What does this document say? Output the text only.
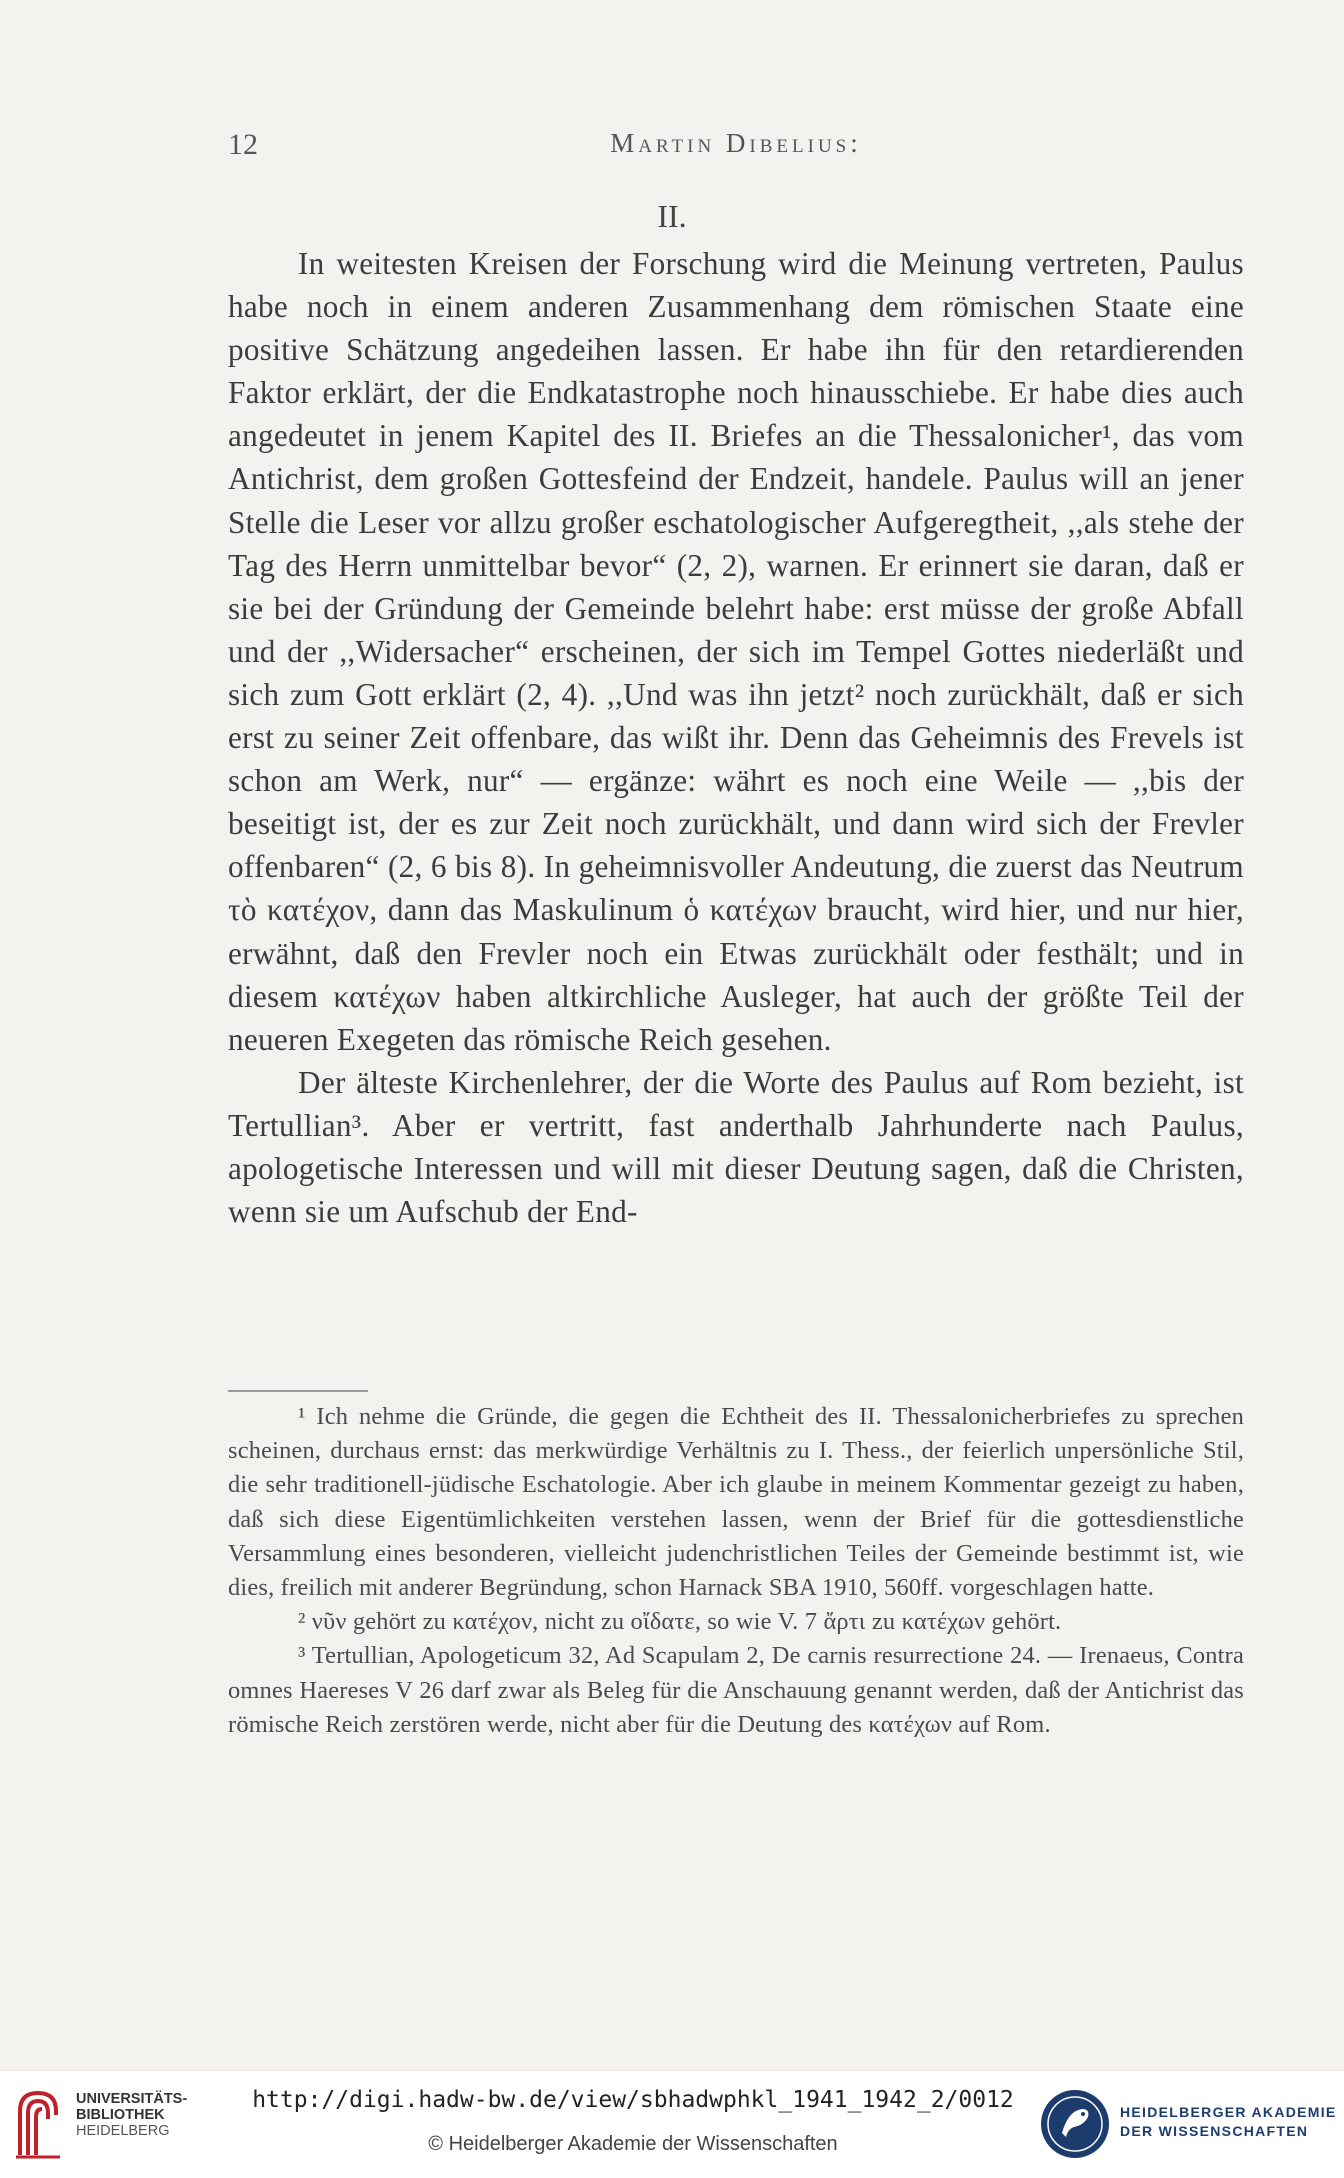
12	Martin Dibelius:
II.

In weitesten Kreisen der Forschung wird die Meinung vertreten, Paulus habe noch in einem anderen Zusammenhang dem römischen Staate eine positive Schätzung angedeihen lassen. Er habe ihn für den retardierenden Faktor erklärt, der die Endkatastrophe noch hinausschiebe. Er habe dies auch angedeutet in jenem Kapitel des II. Briefes an die Thessalonicher¹, das vom Antichrist, dem großen Gottesfeind der Endzeit, handele. Paulus will an jener Stelle die Leser vor allzu großer eschatologischer Aufgeregtheit, ,,als stehe der Tag des Herrn unmittelbar bevor“ (2, 2), warnen. Er erinnert sie daran, daß er sie bei der Gründung der Gemeinde belehrt habe: erst müsse der große Abfall und der ,,Widersacher“ erscheinen, der sich im Tempel Gottes niederläßt und sich zum Gott erklärt (2, 4). ,,Und was ihn jetzt² noch zurückhält, daß er sich erst zu seiner Zeit offenbare, das wißt ihr. Denn das Geheimnis des Frevels ist schon am Werk, nur“ — ergänze: währt es noch eine Weile — ,,bis der beseitigt ist, der es zur Zeit noch zurückhält, und dann wird sich der Frevler offenbaren“ (2, 6 bis 8). In geheimnisvoller Andeutung, die zuerst das Neutrum τὸ κατέχον, dann das Maskulinum ὁ κατέχων braucht, wird hier, und nur hier, erwähnt, daß den Frevler noch ein Etwas zurückhält oder festhält; und in diesem κατέχων haben altkirchliche Ausleger, hat auch der größte Teil der neueren Exegeten das römische Reich gesehen.

Der älteste Kirchenlehrer, der die Worte des Paulus auf Rom bezieht, ist Tertullian³. Aber er vertritt, fast anderthalb Jahrhunderte nach Paulus, apologetische Interessen und will mit dieser Deutung sagen, daß die Christen, wenn sie um Aufschub der End-

¹ Ich nehme die Gründe, die gegen die Echtheit des II. Thessalonicherbriefes zu sprechen scheinen, durchaus ernst: das merkwürdige Verhältnis zu I. Thess., der feierlich unpersönliche Stil, die sehr traditionell-jüdische Eschatologie. Aber ich glaube in meinem Kommentar gezeigt zu haben, daß sich diese Eigentümlichkeiten verstehen lassen, wenn der Brief für die gottesdienstliche Versammlung eines besonderen, vielleicht judenchristlichen Teiles der Gemeinde bestimmt ist, wie dies, freilich mit anderer Begründung, schon Harnack SBA 1910, 560ff. vorgeschlagen hatte.

² νῦν gehört zu κατέχον, nicht zu οἴδατε, so wie V. 7 ἄρτι zu κατέχων gehört.

³ Tertullian, Apologeticum 32, Ad Scapulam 2, De carnis resurrectione 24. — Irenaeus, Contra omnes Haereses V 26 darf zwar als Beleg für die Anschauung genannt werden, daß der Antichrist das römische Reich zerstören werde, nicht aber für die Deutung des κατέχων auf Rom.

UNIVERSITÄTS-
BIBLIOTHEK
HEIDELBERG
http://digi.hadw-bw.de/view/sbhadwphkl_1941_1942_2/0012
© Heidelberger Akademie der Wissenschaften
HEIDELBERGER AKADEMIE
DER WISSENSCHAFTEN
